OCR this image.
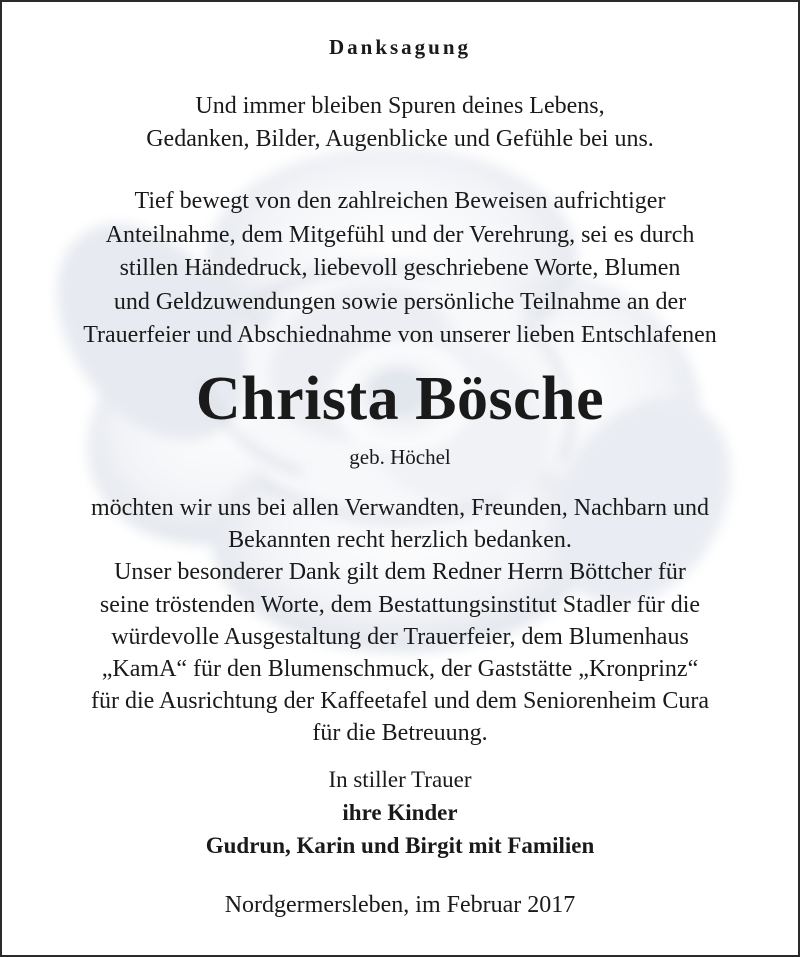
Danksagung
Und immer bleiben Spuren deines Lebens,
Gedanken, Bilder, Augenblicke und Gefühle bei uns.
Tief bewegt von den zahlreichen Beweisen aufrichtiger
Anteilnahme, dem Mitgefühl und der Verehrung, sei es durch
stillen Händedruck, liebevoll geschriebene Worte, Blumen
und Geldzuwendungen sowie persönliche Teilnahme an der
Trauerfeier und Abschiednahme von unserer lieben Entschlafenen
Christa Bösche
geb. Höchel
möchten wir uns bei allen Verwandten, Freunden, Nachbarn und
Bekannten recht herzlich bedanken.
Unser besonderer Dank gilt dem Redner Herrn Böttcher für
seine tröstenden Worte, dem Bestattungsinstitut Stadler für die
würdevolle Ausgestaltung der Trauerfeier, dem Blumenhaus
„KamA“ für den Blumenschmuck, der Gaststätte „Kronprinz“
für die Ausrichtung der Kaffeetafel und dem Seniorenheim Cura
für die Betreuung.
In stiller Trauer
ihre Kinder
Gudrun, Karin und Birgit mit Familien
Nordgermersleben, im Februar 2017
